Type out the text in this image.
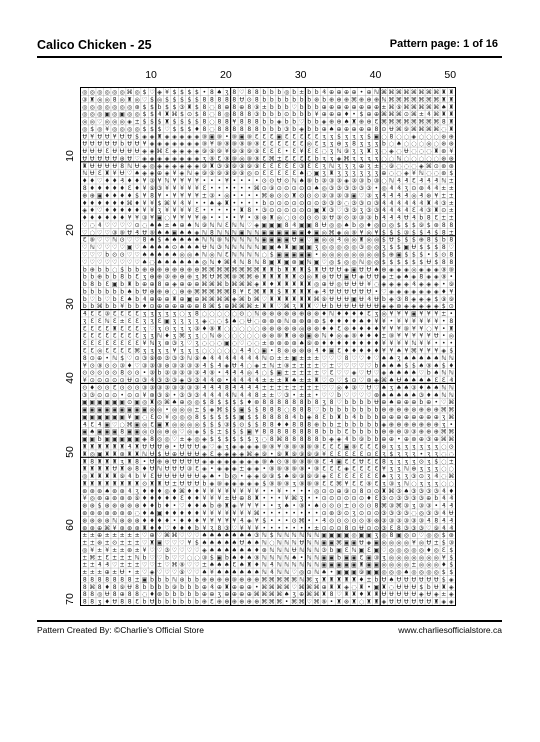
Calico Chicken - 25	Pattern page: 1 of 16
10	20	30	40	50
10
20
30
40
50
60
70
◎ ◎ ◎ ◎ ◎ ◎ ⌘ ◎ $ ♡ ◈ ¥ $ $ $ $ • 8 ♠ ʒ 8 ♡ 8 8 b b b ◎ b ± b b ₰ ⊕ ⊕ ⊕ ⊕ • ⊕ ℕ ⌘ ⌘ ⌘ ⌘ ⌘ ⌘ ⌘ ⌘ ♜ ♜
③ ♜ ◎ ◎ 8 ◎ ♜ ◎ ♡ $ ◎ $ $ $ $ $ 8 8 8 8 8 Ʉ ⊙ 8 b b b b b b b ⊛ b ⊕ ⊕ ⊕ ⌘ ⊕ ⊕ ⊕ ℕ ⌘ ⌘ ⌘ ⌘ ⌘ ⌘ ⌘ ♜ ♜
◎ ◎ ◎ ◎ ◎ ◎ ◎ ⊛ $ $ b $ $ ③ ♜ $ 8 ◌ 8 ⊕ 8 ⊕ 8 ⑨ ± b b b ♡ b b b ⊕ ⊕ ⊕ ⊕ ⊕ ⊕ ⊕ ⊕ ± ⌘ ⑨ ⌘ ⌘ ⌘ ⌘ ⌘ ♠ ♜
◎ ◎ ◎ ▣ ◎ ▣ ◎ ◎ $ $ ₰ ♜ ⌘ $ ⊙ $ 8 ◌ 8 ◎ 8 8 8 ③ b b b ⊙ b b b ¥ ⊕ ⊕ ⊕ ♦ • $ ⊕ ⊕ ⌘ ⌘ ⌘ ⊙ ⌘ ± ₰ ⌘ ♜ ♜
◎ ◎ ♡ ◎ ◎ ◎ ◈ ± $ $ $ ♜ $ $ $ $ 8 ◌ 8 8 ¥ 8 8 8 b b ◈ b b ♡ b b ◈ ⊕ ⊕ ♠ ♜ ⊕ ⊕ Ɛ ⌘ ⌘ ⌘ ⌘ ⌘ ⌘ ⌘ ⌘ 8 ♜
◎ $ ◎ ¥ ◎ ◎ ◎ ◎ $ $ $ ♡ $ $ $ ♦ 8 ◌ 8 8 8 8 8 8 b b b ③ b ◈ b b ⊕ ♠ ⊕ ⊕ ⊕ ⊕ ⊕ 8 ⊙ Ʉ ⌘ ⑨ ⌘ ⌘ ⌘ ⌘ ◌ ♜
Ʉ ¥ Ʉ Ʉ ¥ Ʉ Ʉ $ ◈ ◈ ♜ ◈ ◈ ◈ ◈ ◈ ⑨ ▣ ⑨ • ⑨ ▣ ⑨ Ɛ Ɛ Ɛ ▣ Ɛ Ɛ Ɛ Ɛ Ɛ ʒ ʒ $ ʒ ʒ ʒ $ ▣ ◌ 8 ◌ ◌ ◈ ◌ ◌ ◌ ⊛ ⊕
Ʉ Ʉ Ʉ Ʉ Ʉ b Ʉ Ʉ ¥ ◈ ◈ ◈ ◈ ◈ ◈ ◈ ⑨ ¥ ⑨ ⑨ ⑨ ⑨ ⑨ ⑨ Ɛ Ɛ Ɛ Ɛ Ɛ Ɛ ◎ Ɛ ʒ ʒ ⊕ ʒ 8 ʒ ʒ ʒ b ◌ ♠ ◌ ◌ ◌ ◎ ◌ ⊛ ⊛
Ʉ Ʉ Ʉ Ɛ Ʉ Ʉ Ʉ Ʉ ◈ ◈ ⌘ Ɛ ◈ ◈ ◈ ◈ ⑨ ⑨ ⑨ ¥ ⑨ ⑨ ⑨ ⑨ Ɛ Ɛ Ɛ • Ɛ ¥ Ɛ Ɛ ◌ ʒ ℕ ⑨ ʒ ʒ ♜ ʒ ◌ ◈ ◌ Ʉ ◌ ◌ ◌ ♜ ⊛ ¥
Ʉ Ʉ Ʉ Ʉ Ʉ ⊛ Ʉ ♡ ◈ ◈ ◈ ◈ ◈ ◈ ◈ ◈ ʒ ⑨ Ɛ ⑨ ⑨ ◎ ⑨ ⑨ Ɛ ⌘ ± Ɛ Ɛ Ɛ Ɛ b ʒ ʒ ◈ ⌘ ʒ ʒ ʒ ʒ ◌ ◌ ℕ ◌ ◌ ◌ ◌ ◌ ⊛ ⊛
♜ Ʉ Ʉ Ʉ Ʉ 8 ℕ Ʉ ◈ ◎ ◈ ◈ ◈ ◈ ◈ ◈ ⑨ ♜ ③ ⑨ ⑨ ⑨ ⑨ ⑨ Ɛ Ɛ Ɛ Ɛ Ɛ ③ Ɛ Ɛ ʒ ℕ ʒ ʒ ʒ ⊕ ʒ ± ◌ ⑨ ◌ ◌ ◌ ◈ ⌘ ⊙ ⊛ ⊛
ℕ Ʉ Ɛ ♜ ¥ Ʉ ♡ ♠ ◈ ◈ ⊕ ◈ ¥ ◈ ℕ ◈ ⑨ ⑨ ⑨ ⑨ ⑨ ⑨ ◎ ⊙ Ɛ Ɛ Ɛ Ɛ Ɛ ♠ ◌ ▣ ʒ ♜ ʒ ʒ ʒ ʒ ʒ ʒ ⊕ ◌ ◌ ◈ ¥ ℕ ◌ ◌ ⊛ $
♦ ♦ ♡ ♦ ♦ ₰ ♦ ♦ ¥ ③ ¥ ℕ ¥ ¥ ¥ ¥ • • • ¥ • • • • ⊙ ⊙ Ʉ ⊙ ℕ ♠ ⑨ b ③ ③ ③ ◈ ③ ③ b ③ ◌ ℕ ₰ ₰ Ɛ ₰ ₰ ₰ ℕ ±
8 ♦ ♦ ♦ ♦ ♦ Ɛ ♦ ¥ ⑨ ③ ¥ ¥ ¥ ¥ ¥ Ɛ • • • • • • ⌘ ⊙ ⑨ ⊙ ⊙ ⊙ ⊙ ⊙ ♠ ◎ ③ ③ ③ ③ ③ ③ • ◎ ₰ ₰ ʒ ⊙ ⊛ ₰ ₰ ± ±
⊕ ⊕ ▣ ♦ ♦ ♦ ♦ $ ¥ 8 ¥ • ¥ ¥ ¥ ¥ ± ③ • ◎ • • • • ⌘ ⊛ ⊙ ⊙ ♜ ⊙ ⊙ ⊙ ③ ③ ③ ③ ▣ ♡ ③ ʒ ₰ ₰ ₰ ₰ ◎ ₰ ⊛ ¥ ± ±
♦ ♦ ♦ ♦ ♦ ♦ ⌘ ♦ ¥ ¥ $ ⌘ ¥ ₰ ¥ • • ♠ ◈ ♜ • • • • b ⊙ ⊙ ⊙ ⊙ ⊙ ⊙ ⊙ ③ ③ ③ ◌ ③ ③ ⊙ ③ ₰ ₰ ₰ ₰ ₰ ₰ ♜ ₰ ③ ±
◈ ♦ ♡ ♦ ♦ ♦ ♦ ♦ ¥ ¥ ʒ ¥ ¥ ¥ ¥ Ɛ • • • • • ♜ 8 • ③ ⊙ ⊙ ⊙ ⊙ ⊙ ⊙ ▣ ♜ ③ ♡ ③ ③ ʒ ③ ③ ₰ ₰ ₰ ₰ Ɛ ₰ ③ ♜ ⊙ ±
♦ ♦ ♦ ♦ ♦ ♦ ¥ ¥ ③ ¥ ▣ ◌ ¥ ¥ ¥ ¥ ⊕ • • • • ¥ • ⑨ ⊛ ♜ ◎ ◌ ⊙ ⊙ ⊙ ⊙ ③ Ʉ ③ ⊙ ③ ③ ③ b ₰ ₰ ₰ Ʉ ₰ b 8 Ɛ ± ±
♡ ◌ ₰ ♡ ♡ ♡ ♡ ⊙ ◌ ♠ ♠ ± ♠ ⊕ ♠ ℕ ⑨ ℕ ℕ Ɛ ℕ ℕ ♡ ◈ ▣ ▣ ▣ 8 ₰ ▣ ▣ 8 Ʉ ◎ ◎ ♠ b ◎ ♦ ◎ ⊙ ◎ $ $ $ ⑨ $ ⊛ 8 8
♡ ◌ ♡ ♡ ③ ⑨ Ʉ ₰ Ʉ ⑨ ♠ ♠ ▣ ♠ ♠ ◈ ℕ 8 ℕ ℕ ℕ ▣ ℕ ℕ ▣ ▣ ▣ ▣ ▣ ▣ ♦ ▣ ◎ ⌘ ◈ ◎ ⑨ ¥ ◎ ¥ $ $ $ ③ $ $ ₰ $ 8 ±
Ɛ ⑨ ♡ ♡ ℕ ⊙ ♡ ♡ 8 ♠ $ ♠ ♠ ♠ ♠ ♠ ℕ ℕ ⑨ ℕ ℕ ℕ ℕ ℕ ▣ ▣ ▣ ▣ Ʉ ▣ ♡ ▣ ◎ ◎ ₰ ◎ ◎ ♜ ◎ ◎ $ Ʉ $ $ $ ⊕ 8 $ b 8
♡ ℕ ♡ ♡ ♡ ♡ ▣ ♡ ♠ ♠ ♠ ♠ ⊙ ♠ ♠ ♠ Ʉ ℕ ③ ℕ ℕ ℕ ℕ ℕ ▣ ▣ ♠ ♜ ▣ ▣ ▣ ʒ ◎ ◎ ◎ ◎ ◎ ③ ◎ ◎ ʒ $ $ ▣ Ʉ $ $ $ 8 ♡
♡ ♡ ♡ b ⊙ ⊙ ♡ ♡ ♠ ♠ ♠ ♠ ♠ ◎ ◎ ♠ ℕ ◎ ℕ Ɛ ℕ ℕ ℕ ℕ ◌ $ ▣ ▣ ▣ ▣ ▣ • ◎ ◎ ◎ ◎ ◎ ◎ ◎ ◎ $ ⊕ ▣ $ $ $ • $ ⊙ 8
♡ ♡ ♡ ♡ ♡ ♡ ♡ ♡ ♠ ◌ ♠ ♠ ♠ ♠ ♠ ♠ ◎ ℕ ♦ ⌘ ₰ ℕ 8 ℕ 8 ▣ ♜ ▣ ⊛ ▣ ℕ ▣ ♡ ◎ $ ◎ ◎ ℕ ◎ ◎ $ $ $ $ $ $ Ʉ $ 8 8
b ⊕ b b ◌ $ b b ⊕ ⊕ ⊕ ⊕ ⊕ ⊕ ⊕ ⊕ ⌘ ⌘ ⌘ ⌘ ⌘ ⌘ ⌘ ⌘ ♜ ♜ b ♜ ♜ ♜ $ ♜ Ʉ Ʉ Ʉ ◈ ▣ Ʉ Ʉ ♠ ⊕ ◈ ◈ ◈ ◎ ◈ ◈ ◈ ⑨ ⑨
b b ⊕ b b 8 b Ɛ ʒ ⊕ ⊕ ③ ⊕ ⊕ ⊕ ʒ ⌘ Ʉ ⌘ ⌘ ⑨ ⌘ ⌘ ⊕ ♜ ♜ ♜ ♜ ♜ ⊙ ◎ ♜ ⊛ Ʉ Ʉ ▣ Ʉ ◈ Ʉ Ʉ ◈ ± ◈ ♠ ◈ 8 ◈ ◈ ⑨ •
b 8 b Ɛ ▣ b ♜ b ⊕ ⊕ 8 ⊕ ◈ ⊕ ⊕ ⊕ ⌘ ⌘ ⌘ b ⌘ ⌘ ⌘ ◈ ♜ ♦ ♜ ♜ ♜ ♜ ♜ ◎ ⊕ Ʉ ◎ Ʉ Ʉ Ʉ ¥ ◌ ◈ ◈ ◈ ◈ ₰ ◈ ◈ ◈ • ⑨
b b b b b b ♠ b Ʉ ⊕ ⊕ ⊕ ◌ ⊕ ⊕ ⌘ ⌘ ⌘ ⌘ ⌘ 8 ¥ Ɛ ⌘ ♜ ♜ $ ♜ ♜ ♜ ♜ ◈ ₰ Ʉ Ʉ Ʉ Ʉ Ʉ Ʉ • ♡ ◈ ◈ ◈ ◈ ◈ ◈ ◈ ♦ ¥
b ♡ b ♡ b Ɛ ♠ b ₰ ⊕ ⊕ ⊕ ♜ ⊕ ▣ ⊕ ⌘ ⌘ ⌘ ⌘ ◈ ⌘ b ⌘ ♡ ♜ ♜ ♜ ♜ ♜ ♜ ⌘ ⑨ Ʉ Ʉ Ʉ ▣ Ʉ ₰ Ʉ b ◈ ③ 8 ◈ ◈ ◈ $ ⑨ ⑨
b b ⌘ b b ¥ b b ♦ ⊙ ⊕ ⊕ ⊕ ⊕ ⊕ ⊕ 8 ⌘ $ ⊕ ⌘ ⌘ ⌘ ± ♜ ♜ ♡ ⌘ ʒ ♜ ♜ ♡ Ʉ b Ʉ Ʉ Ʉ Ʉ Ʉ Ʉ ◈ ◈ ⊛ ◈ ◈ ◈ ◈ ◈ $ ⊙
₰ Ɛ Ɛ ③ Ɛ Ɛ Ɛ Ɛ ʒ ʒ ʒ ʒ ʒ ◌ ʒ 8 ◌ ◌ ◌ ◌ ◌ ⊙ ◌ ℕ ⊛ ⊛ ⊛ ⊛ ⊛ ⊕ ⊛ ⊛ ♦ ℕ ♦ ♦ ♦ ♦ Ɛ ʒ ◎ ¥ ¥ ¥ ▣ ¥ ¥ ¥ ± •
ʒ Ɛ Ɛ ℕ Ɛ ± Ɛ Ɛ ʒ ʒ Ɛ ▣ ʒ ʒ ʒ ʒ ◈ ◌ ◌ $ ♠ ◌ Ʉ ◌ ⊛ ⊛ ⊛ ℕ ⊛ ⊛ ⊛ ⊛ $ ♦ ♦ ♦ ♦ ♠ ♦ ¥ ¥ • ¥ ¥ ¥ ¥ ¥ ¥ • 8
Ɛ Ɛ Ɛ Ɛ ♜ Ɛ Ɛ Ɛ ʒ ♡ ʒ ⊙ ʒ ʒ ʒ ③ ♦ ⑨ ♜ ◌ ◌ ◌ ◌ ◌ ⊛ ⊛ ⊛ ⊛ ⊛ ◎ ⊛ ⊛ ♦ ♦ Ɛ ⊛ ♦ ♦ ♦ ♦ ¥ ¥ ¥ ⑨ ¥ ¥ ◌ ¥ • ♜
Ɛ Ɛ Ɛ Ɛ Ɛ Ɛ Ɛ Ɛ ʒ ʒ ℕ ♦ ʒ ⌘ ʒ ʒ ◌ ℕ ⊛ ◌ ◌ ◌ ◌ ◌ ⊛ ⊛ ⑨ ♜ ⊛ ⊛ ▣ ⊛ ℕ ♦ ◎ ◈ ⑨ ♦ ♦ ♦ ± ⑨ ¥ ¥ ¥ ¥ ¥ Ʉ • ◎
Ɛ Ɛ Ɛ Ɛ Ɛ Ɛ Ɛ Ɛ ¥ ℕ ʒ ⊛ ③ ʒ ♡ ʒ ◌ ◌ ◌ ▣ ◌ ♡ ◌ ◌ ± ⊛ ⊛ ⊛ ⊛ ♠ ⑨ ⊛ ♦ ♦ ♦ ♦ ♦ ♦ ♦ ♦ ¥ ¥ ¥ ¥ ℕ ¥ ¥ • • •
Ɛ Ɛ ◎ Ɛ Ɛ Ɛ Ɛ ⌘ ʒ ʒ ʒ ʒ ¥ ʒ ʒ ʒ ◌ ◌ ◌ ◌ ◌ ₰ ₰ ◌ ▣ • 8 ⊛ ⊛ ⊛ ⊛ ₰ ♦ ▣ Ɛ ♦ ♦ ♦ ♦ ♦ ¥ ¥ ♠ ¥ ⌘ ¥ ¥ ¥ ◈ $
8 ⊙ ⊕ • ℕ $ ♡ ⊙ ③ ⑨ ⊛ ③ ③ ③ ℕ ⑨ ♠ ₰ ₰ ₰ ₰ ₰ ₰ ₰ ℕ ⊙ ± ± ▣ ± ± ± ♡ ♡ ♡ 8 ♡ ♡ ♦ ♡ ♠ ♠ ʒ ♠ ♠ ♠ ♠ ♠ ℕ ℕ
¥ ⊙ ⑨ ⊙ ⊙ ③ ♦ ♡ ③ ③ ③ ⊛ ③ ③ ③ ③ ₰ $ ₰ ◈ Ʉ ₰ ◌ ◈ ± ℕ ± ⑨ ± ± ± ± ♡ ± ♡ ♡ ♡ ♡ ♡ b ♠ ♠ ♠ $ $ ♠ ⑨ ♠ $ ♦
⊙ ⊙ ⊙ ⊙ ⊙ 8 ⊙ ⊙ • ③ b ③ ③ ③ ③ ③ ₰ ⑨ • ₰ ₰ ₰ ◎ ₰ ◌ $ ▣ ± ± ± ± ± ♡ Ɛ ♡ ♡ ◈ ♡ Ʉ ♡ ◈ ♠ ♠ ♠ ♠ ♡ b ♠ ℕ ℕ
¥ ⊙ ⊙ ⊙ ⊙ ⊙ Ʉ ⊙ ③ ₰ ③ ③ ③ ◈ ③ ③ ₰ ₰ ⊛ • ₰ ₰ ₰ ₰ ± ± ± ♜ ♠ ± ± ♜ ♡ ⊙ ♡ $ ⊙ ♡ ⊛ ◈ ⌘ ♠ Ʉ ♠ ♠ ♠ ♠ Ɛ Ɛ ₰
⊙ ♦ ⊙ ⊙ Ɛ ⊙ ⊙ ⊙ ③ ③ ③ ③ ③ ③ ③ ③ ₰ ₰ ₰ 8 ₰ ₰ ₰ ₰ ± ± ± ± ± ± ± ± ♡ ♡ ◎ ♦ ③ ♡ Ʉ ♡ ♠ ʒ ♠ ♠ ③ ♦ ♠ ♠ ℕ ℕ
③ ③ ⊙ ⊙ ⊙ • ⊙ ⊙ ¥ ⊛ ③ ⑨ • ③ ③ ③ ₰ ₰ ₰ ₰ ℕ ₰ ₰ 8 ± ± ♡ ③ • ± ± • ♡ ♡ b ♡ ♡ ♡ ♡ ⊛ ♠ ♠ ♠ ♠ ♠ ③ ♦ ♠ ℕ ℕ
▣ ▣ ▣ ▣ ▣ ▣ ⊙ ▣ ◎ ♜ ◎ ⌘ ♠ ⊕ ◎ ◎ $ 8 $ $ $ $ ♦ ⊛ 8 8 8 8 8 8 b 8 ʒ 8 ♡ b b b b Ʉ ⊕ ♠ ⊕ ⊕ ⊕ b ⊕ • ♡ ⌘
▣ ▣ ▣ ▣ ▣ ▣ ▣ ▣ ▣ ◎ ◎ • ◎ ◎ ◎ ± $ ◈ ⌘ $ $ ▣ $ $ 8 8 8 ◌ 8 8 8 ♡ b b b b b b b b ⊕ ⊕ ⊕ ⊕ ⊛ ⊕ ⊕ ⊕ ⌘ ⌘
▣ ▣ ▣ ▣ ▣ ▣ ¥ ▣ ◌ Ɛ ⊙ ¥ ◎ ◎ ◎ 8 $ $ $ $ $ ▣ $ $ 8 8 8 8 ₰ b ◈ 8 Ɛ b ♜ b ₰ b b b ⊕ ⊕ ⊕ ⊕ ⊕ ⊕ ⊕ ⊕ ʒ ⌘
₰ Ɛ ₰ ▣ ♡ ◌ ⌘ ▣ ◎ Ɛ ▣ ♜ ◎ ◎ ◎ ◎ $ $ $ ③ $ ⊙ $ $ 8 8 ♦ ♦ 8 8 8 ⊕ b b ± b b b b b ◈ ⊕ ⊕ ⊕ ⊕ ⊕ ⊕ ⊕ ʒ •
▣ ♠ ▣ ▣ ▣ 8 ▣ ▣ ◎ ⊙ ◎ ⊕ ◎ ♡ ◎ ◈ $ $ ± $ $ $ ▣ ¥ 8 8 8 8 8 8 8 8 b b b Ɛ b b b b ⊕ ⊕ ⊕ ③ ③ ⊕ ⊕ ⊕ ⌘ ⌘
▣ ▣ b ▣ ▣ ▣ ▣ ▣ ◈ 8 ◎ ◎ ♡ ± ◈ ◎ ◈ $ $ $ $ $ $ ʒ ◌ 8 ⌘ 8 8 8 8 8 b ◈ ◈ ₰ b ⑨ b b ⊕ ⊕ • ⊕ ⊛ ⊕ ③ ⊕ ⌘ ⌘
♜ ♜ ♜ ♜ ♜ ♜ ₰ ♜ Ʉ Ʉ Ʉ ⊕ • Ʉ Ʉ Ʉ ◈ ♡ ◈ ʒ ◈ ◈ ◈ ◈ ⑨ ⑨ ¥ ⑨ ⑨ ⑨ ⑨ ⑨ Ɛ Ɛ Ɛ ▣ ⑨ Ɛ Ɛ Ɛ ⊛ ʒ ʒ ʒ ʒ ʒ ʒ ʒ ◌ ⊙
♜ ◎ ▣ ♜ ♜ ⊛ ♜ ♜ ℕ Ʉ $ Ʉ ⊕ Ʉ Ʉ Ʉ ◈ Ɛ ◈ ◈ ◈ ◈ ⌘ ◈ ⑨ • ⑨ ♜ ⑨ ⑨ ⑨ ⑨ ¥ Ɛ Ɛ Ɛ Ɛ Ɛ ⊙ Ɛ ʒ $ ʒ ʒ ʒ • ʒ ʒ ◌ ◌
♜ 8 ♜ ♜ ♜ ʒ ♜ 8 • Ʉ ⊕ ⊕ Ʉ Ʉ Ʉ Ʉ ◈ ◈ ◈ ◈ ◈ ◈ ◈ ◈ ⑨ ♠ ⊙ ⑨ ⑨ ⑨ ⑨ ⑨ Ɛ ₰ ▣ Ɛ Ɛ Ʉ Ɛ Ɛ 8 ʒ ʒ ʒ ʒ ⊙ ʒ $ ◌ ±
♜ ♜ ♜ ♜ Ʉ ♜ ⊛ 8 ♦ Ʉ ℕ Ʉ Ʉ Ʉ ③ Ɛ ◈ • ◈ ◈ ◈ ± ◈ ◈ • ⑨ ⑨ ⑨ ⑨ ⑨ • ⑨ Ɛ Ɛ Ɛ ◈ Ɛ Ɛ Ɛ Ɛ ¥ ʒ ʒ ℕ ⊕ ʒ ʒ ʒ ◌ ◌
◎ ♜ ♜ ♜ ♜ ⑨ ₰ b ¥ Ɛ Ʉ Ʉ Ʉ Ʉ Ʉ Ʉ ◈ ♠ • b ◎ • ◈ ◈ ⑨ ⑨ $ ♠ ⑨ ⑨ ⑨ ⑨ ◈ Ɛ Ɛ Ɛ Ɛ Ɛ Ɛ Ɛ ♠ ʒ ʒ ʒ ③ ⊙ ʒ ₰ ◌ ⌘
♜ ♜ ♜ ♜ ♜ ♜ ♜ ♜ ⊙ ♜ ♜ Ʉ ± Ʉ Ʉ Ʉ b ◈ ⑨ ◈ ◈ ◈ ◈ ◈ $ ⑨ ⑨ ⑨ ʒ ⑨ ⑨ ⑨ Ɛ Ɛ ⌘ ¥ Ɛ Ɛ ⑨ Ɛ ʒ ③ ʒ ℕ ◌ ʒ ʒ ʒ ◌ ◌
⊛ ⊛ ⊛ ♠ ⊛ ⊛ ₰ ʒ ♦ ♦ ♦ ◎ ♦ ⌘ ♦ ♦ ¥ ¥ ¥ ¥ ¥ ¥ ¥ ¥ • • ¥ • • • • ◎ ⊙ ⊙ ⊕ ⑨ ⊙ 8 ⊙ ⊙ ♜ ⌘ ③ ♠ ③ ③ ③ ③ ₰ ♦
¥ ◎ ⊛ ⊕ ⊛ ⊛ ⊛ ⑨ ♦ ♦ ♦ ♦ ♦ Ɛ ♦ ♦ ¥ ¥ ¥ ± Ʉ ⊕ 8 ♜ • • • ¥ ⌘ ʒ • • ⊙ ⊙ ⊙ ⊙ ⊙ ⊙ ♦ Ɛ ③ ⊙ ③ ③ ③ ③ ⊕ b ₰ ₰
⊛ ⊛ $ ⊛ ⊛ ⊛ ⊛ ⊛ ♦ ♦ b ♦ • ♡ ♦ ♦ ♠ b ⊕ ♜ ◈ ¥ ¥ ¥ • • ʒ ♠ • ⑨ • ♠ ⊙ ⊙ ⊙ ± ⊙ ⊙ ⊙ 8 ⌘ ③ ⌘ ③ ʒ ③ ③ • ₰ ₰
⊛ ⊛ ⊛ ⊛ ⊛ ⊛ ⊛ ◌ ♦ ♠ ▣ ♦ ♦ ♦ ♦ ♦ ¥ ¥ ¥ ¥ ¥ ¥ ¥ ⌘ • • • • • • • • ⊙ ⊛ ③ ⊙ ʒ ⊙ ⊙ ⊙ ③ ③ ③ ③ ◌ ◎ ③ ③ ₰ Ʉ
⊛ ⊛ ⊛ ⊛ ℕ ⊛ ⊛ ⊛ ♦ ♦ ♦ ♦ • ♦ ♦ ♦ ¥ ¥ ¥ ¥ ¥ ₰ ◈ ¥ $ • • • ⊙ ⌘ • • ₰ ⊙ ⊙ ⊙ ⊙ ⊙ ⑨ ⊛ ③ ③ ③ ③ ③ ③ ₰ 8 ₰ ₰
⊛ ⊛ ⊕ ⌘ ¥ ⊛ ⊛ ⊛ ♜ ♦ ♦ ♡ ♦ ♦ ♦ b ¥ ʒ 8 ③ ♡ ¥ ¥ ¥ • • • • • • • ± ⊙ ⊙ ⊙ 8 ⊙ Ʉ ⊙ ⊙ ③ Ɛ 8 ③ ③ ③ ♡ ⑨ ₰ ₰
± ± ⊕ ± ± ± ± ± ♡ ⊕ ♡ ⌘ ⌘ ♡ ♡ ♡ ♠ ♠ ♠ ♠ ♠ ♠ ♠ ③ ℕ $ ℕ ℕ ℕ ℕ ℕ ℕ ▣ ▣ ▣ ▣ ◎ ▣ ▣ ʒ ◎ 8 ▣ ◎ ⊙ ♡ ◎ ◎ $ ⊛
± ± ⊛ ± ⊙ ± ± ± ♡ ♜ ▣ ♡ ♡ ♡ ¥ $ ♠ ♠ ♠ ♠ ♠ Ʉ ♠ ♠ ℕ ◌ ℕ ℕ ℕ Ʉ ℕ ℕ ▣ ▣ ⌘ ▣ ▣ Ʉ ◈ ▣ ◎ ◎ ◎ ◎ ¥ ◎ Ʉ ± $ ③
◎ ¥ ± ¥ ± ± ⊛ ± ¥ ♡ ♡ ③ ♡ ♡ ♡ ♡ ◈ ♠ ♠ ♠ ♠ ♠ ♠ ♦ ⊛ ℕ ℕ ℕ Ʉ ℕ ℕ ℕ ③ b ▣ Ɛ ℕ ▣ Ɛ ▣ ♡ ◎ ◎ ◎ ◎ ◎ ♦ ◎ Ɛ $
± ⌘ ± Ɛ ± ± ± ℕ b ♡ ♡ b ♡ ♡ ◌ ◌ ③ $ ▣ b ♠ ♦ ♠ ⑨ ℕ ℕ ℕ ℕ ♠ • ℕ ℕ ▣ ▣ b ▣ ▣ Ɛ ▣ ③ ʒ ◎ ◎ ◎ ◎ ◎ ◎ ◎ ¥ $
± ± ₰ ₰ ♡ ± ± ± ♡ ♡ ± ♡ ⌘ ⑨ ♡ ♡ ± ♠ ♠ ♠ Ɛ ♠ ♜ ♦ ℕ ₰ ℕ ℕ ℕ ℕ ℕ ℕ ▣ ▣ ▣ ▣ ▣ ♜ ▣ ▣ ◎ ◎ ◎ ◎ ± ◎ ◎ ◎ ♦ $
± ± ± ⊕ ± Ʉ • ± ♡ ◈ ♡ ♡ ♡ ⑨ ♡ ♡ ♠ ¥ ♠ ♠ ♠ ♠ ♠ ♠ ℕ ₰ ℕ ℕ ♡ ◎ ⊙ ℕ ♠ • ▣ ▣ ▣ ⑨ ▣ ▣ ◎ ◎ ◎ ♠ ◎ ◎ ◎ ◎ $ $
8 8 8 8 8 8 8 ± ▣ b b b ℕ ⊛ b b ⊕ ⊕ ⊕ ⊕ ⑨ ⊕ ⊕ ⊕ ⌘ ⌘ ⌘ ⌘ ⌘ ℕ ⌘ ʒ ♜ ♜ ♜ ♜ ♜ ♦ ± b Ʉ ♠ Ʉ Ʉ Ʉ Ʉ Ʉ Ʉ $ ◈
8 ⌘ 8 ♦ 8 ⑨ Ʉ 8 b b b b ⑨ b b b ⊕ ₰ ⊕ ♜ ⊕ ⊕ ⊕ • ⌘ ⌘ ⌘ ⌘ ♡ ⌘ ⌘ ⌘ ⊕ ♜ ♜ ◈ ◌ ♜ • ▣ ♜ ◌ Ʉ Ʉ Ʉ $ b Ʉ ♜ ◈
8 8 ◎ Ʉ 8 ⊕ 8 8 ◌ ♦ ⊛ b b b b b ⊕ ⊕ ʒ ⊕ ⊕ ⊕ ⊕ ⌘ ⌘ ⌘ ⌘ ♠ ʒ ⊕ ⌘ ⌘ ♜ 8 ♡ ♜ ♜ ♦ ♜ ♜ Ʉ Ʉ Ʉ Ʉ Ʉ ◈ Ʉ ◈ ± ◈
8 8 ʒ ♦ Ʉ 8 8 Ɛ b Ʉ b b b b b b ⊕ Ɛ ⊕ ⊕ ⊕ ⊕ ⊕ ⊕ ⌘ ⌘ ⌘ • ⌘ ⌘ ♡ ⌘ ⑨ • ♜ ⊛ ♜ ◌ ♜ ♜ ◈ Ʉ Ʉ Ʉ Ʉ Ʉ Ʉ ♜ ◈ ◈
Pattern Created By: ©Charlie's Official Store	www.charliesofficialstore.ca
